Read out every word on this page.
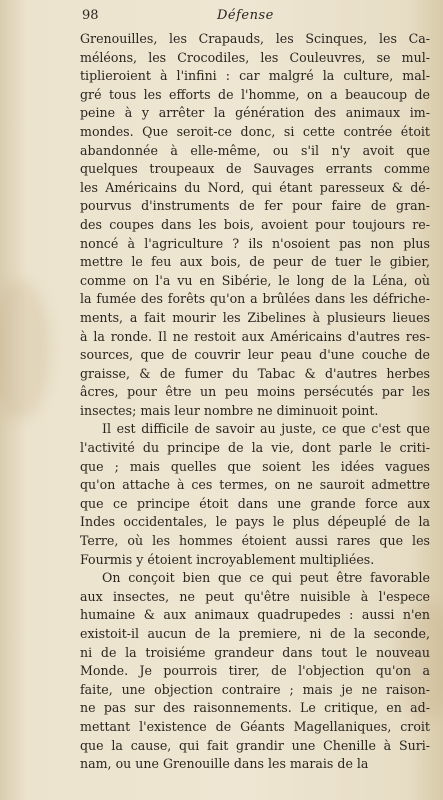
98	Défense
Grenouilles, les Crapauds, les Scinques, les Ca-
méléons, les Crocodiles, les Couleuvres, se mul-
tiplieroient à l'infini : car malgré la culture, mal-
gré tous les efforts de l'homme, on a beaucoup de
peine à y arrêter la génération des animaux im-
mondes. Que seroit-ce donc, si cette contrée étoit
abandonnée à elle-même, ou s'il n'y avoit que
quelques troupeaux de Sauvages errants comme
les Américains du Nord, qui étant paresseux & dé-
pourvus d'instruments de fer pour faire de gran-
des coupes dans les bois, avoient pour toujours re-
noncé à l'agriculture ? ils n'osoient pas non plus
mettre le feu aux bois, de peur de tuer le gibier,
comme on l'a vu en Sibérie, le long de la Léna, où
la fumée des forêts qu'on a brûlées dans les défriche-
ments, a fait mourir les Zibelines à plusieurs lieues
à la ronde. Il ne restoit aux Américains d'autres res-
sources, que de couvrir leur peau d'une couche de
graisse, & de fumer du Tabac & d'autres herbes
âcres, pour être un peu moins persécutés par les
insectes; mais leur nombre ne diminuoit point.
Il est difficile de savoir au juste, ce que c'est que
l'activité du principe de la vie, dont parle le criti-
que ; mais quelles que soient les idées vagues
qu'on attache à ces termes, on ne sauroit admettre
que ce principe étoit dans une grande force aux
Indes occidentales, le pays le plus dépeuplé de la
Terre, où les hommes étoient aussi rares que les
Fourmis y étoient incroyablement multipliées.
On conçoit bien que ce qui peut être favorable
aux insectes, ne peut qu'être nuisible à l'espece
humaine & aux animaux quadrupedes : aussi n'en
existoit-il aucun de la premiere, ni de la seconde,
ni de la troisiéme grandeur dans tout le nouveau
Monde. Je pourrois tirer, de l'objection qu'on a
faite, une objection contraire ; mais je ne raison-
ne pas sur des raisonnements. Le critique, en ad-
mettant l'existence de Géants Magellaniques, croit
que la cause, qui fait grandir une Chenille à Suri-
nam, ou une Grenouille dans les marais de la
